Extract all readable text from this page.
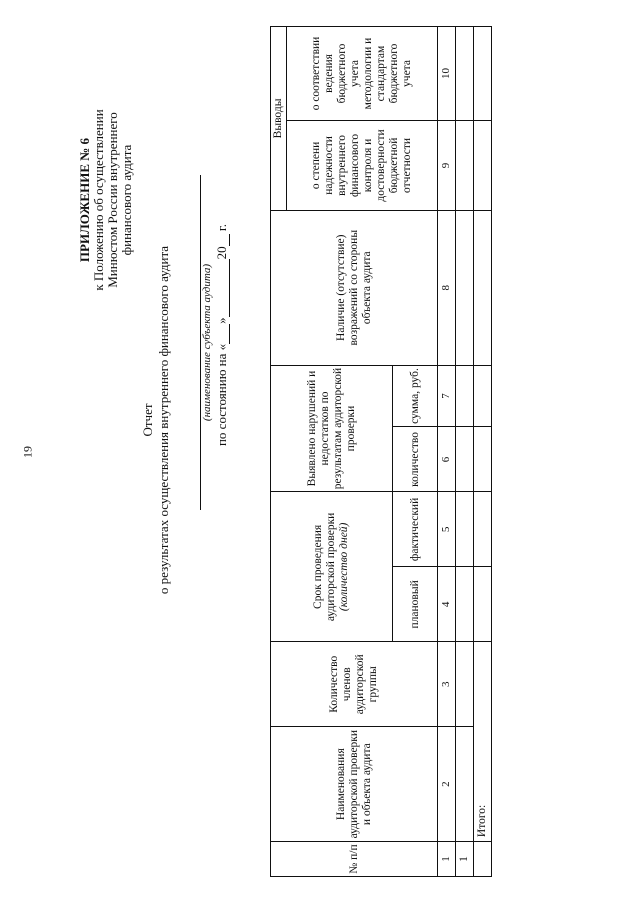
19
ПРИЛОЖЕНИЕ № 6 к Положению об осуществлении Минюстом России внутреннего финансового аудита
Отчет о результатах осуществления внутреннего финансового аудита	(наименование субъекта аудита) по состоянию на «»20 г.
№ п/п	Наименования аудиторской проверки и объекта аудита	Количество членов аудиторской группы	Срок проведения аудиторской проверки (количество дней)		Выявлено нарушений и недостатков по результатам аудиторской проверки		Наличие (отсутствие) возражений со стороны объекта аудита	Выводы	
								о степени надежности внутреннего финансового контроля и достоверности бюджетной отчетности	о соответствии ведения бюджетного учета методологии и стандартам бюджетного учета
			плановый	фактический	количество	сумма, руб.			
1	2	3	4	5	6	7	8	9	10
1									
	Итого:								
